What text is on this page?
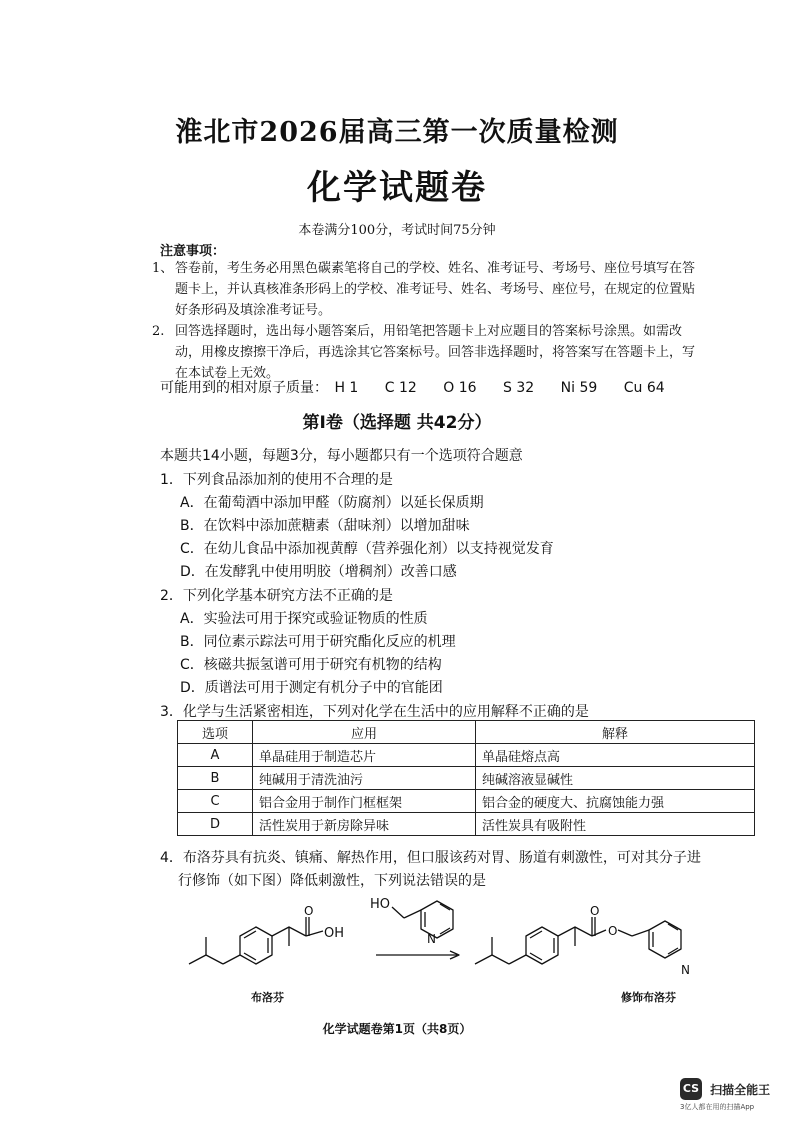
淮北市2026届高三第一次质量检测
化学试题卷
本卷满分100分，考试时间75分钟
注意事项：
1、 答卷前，考生务必用黑色碳素笔将自己的学校、姓名、准考证号、考场号、座位号填写在答
题卡上，并认真核准条形码上的学校、准考证号、姓名、考场号、座位号，在规定的位置贴
好条形码及填涂准考证号。
2. 回答选择题时，选出每小题答案后，用铅笔把答题卡上对应题目的答案标号涂黑。如需改
动，用橡皮擦擦干净后，再选涂其它答案标号。回答非选择题时，将答案写在答题卡上，写
在本试卷上无效。
可能用到的相对原子质量： H 1 C 12 O 16 S 32 Ni 59 Cu 64
第Ⅰ卷（选择题 共42分）
本题共14小题，每题3分，每小题都只有一个选项符合题意
1．下列食品添加剂的使用不合理的是
A．在葡萄酒中添加甲醛（防腐剂）以延长保质期
B．在饮料中添加蔗糖素（甜味剂）以增加甜味
C．在幼儿食品中添加视黄醇（营养强化剂）以支持视觉发育
D．在发酵乳中使用明胶（增稠剂）改善口感
2．下列化学基本研究方法不正确的是
A．实验法可用于探究或验证物质的性质
B．同位素示踪法可用于研究酯化反应的机理
C．核磁共振氢谱可用于研究有机物的结构
D．质谱法可用于测定有机分子中的官能团
3．化学与生活紧密相连，下列对化学在生活中的应用解释不正确的是
选项	应用	解释
A	单晶硅用于制造芯片	单晶硅熔点高
B	纯碱用于清洗油污	纯碱溶液显碱性
C	铝合金用于制作门框框架	铝合金的硬度大、抗腐蚀能力强
D	活性炭用于新房除异味	活性炭具有吸附性
4．布洛芬具有抗炎、镇痛、解热作用，但口服该药对胃、肠道有刺激性，可对其分子进
行修饰（如下图）降低刺激性，下列说法错误的是
O	O
O
OH
HO
N
N
布洛芬	修饰布洛芬
化学试题卷第1页（共8页）
CS 扫描全能王
3亿人都在用的扫描App
